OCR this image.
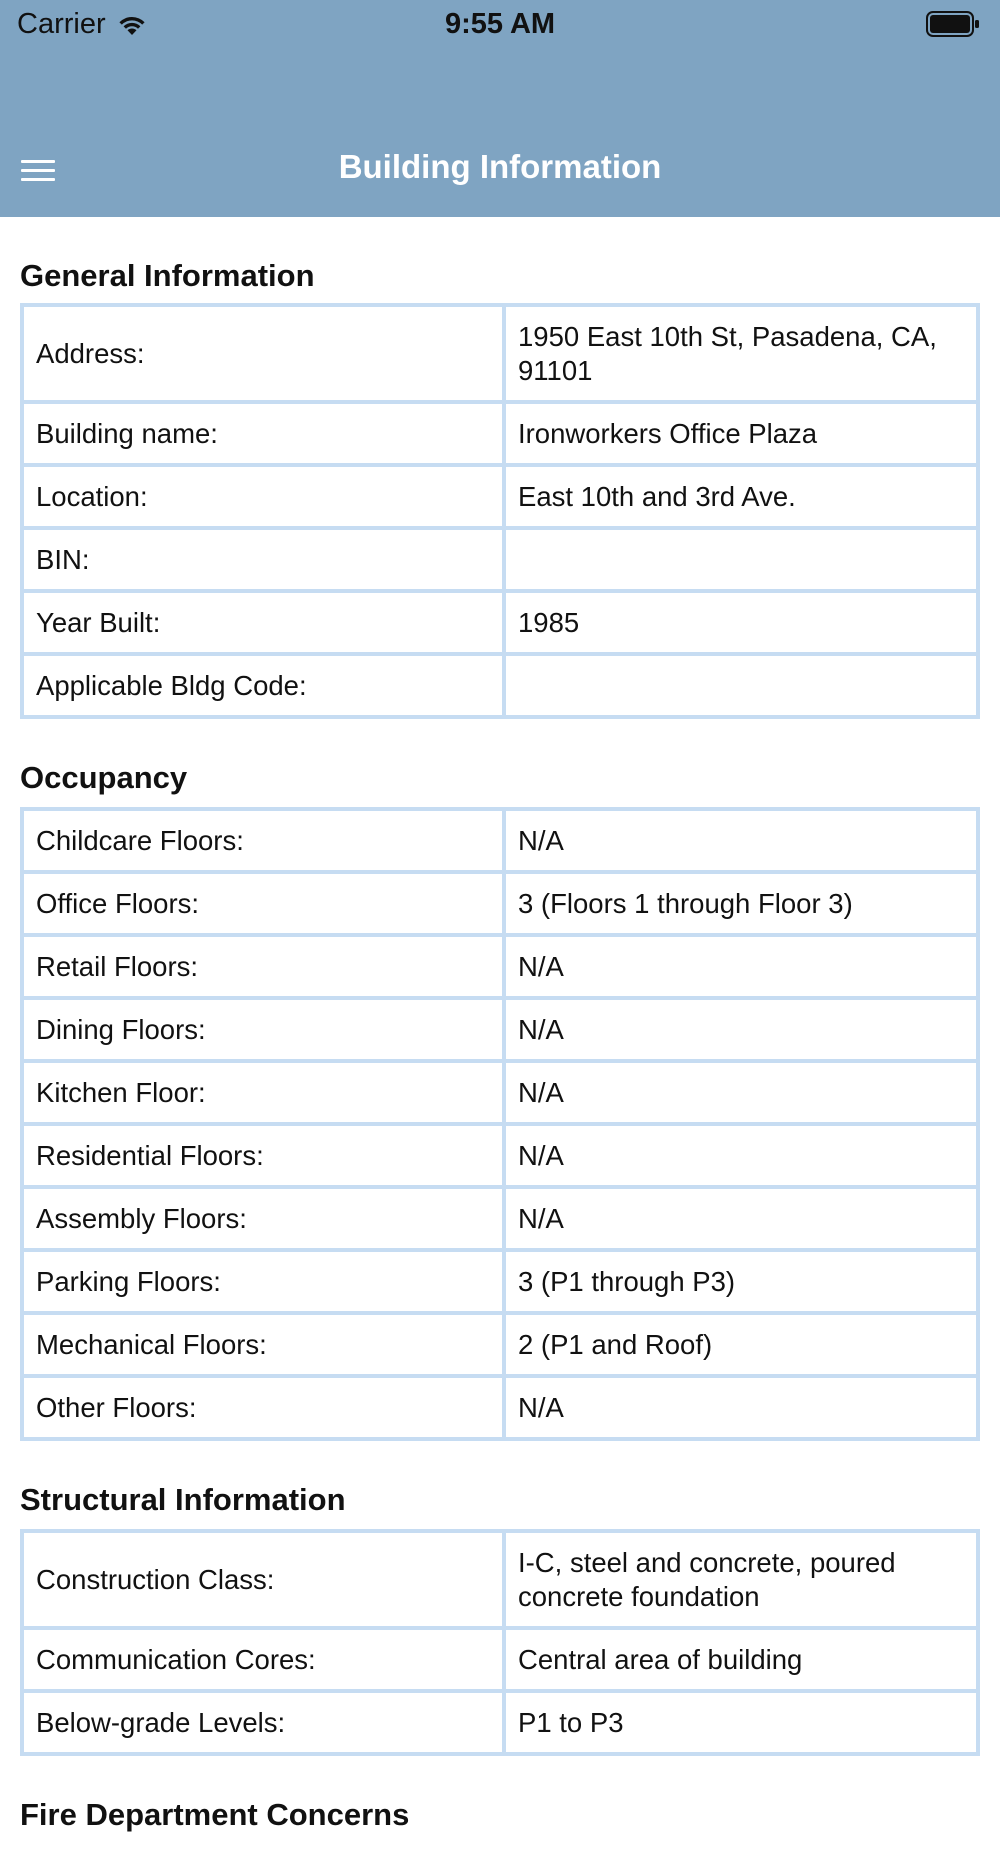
Carrier	9:55 AM
Building Information
General Information
Address:	1950 East 10th St, Pasadena, CA, 91101
Building name:	Ironworkers Office Plaza
Location:	East 10th and 3rd Ave.
BIN:	
Year Built:	1985
Applicable Bldg Code:	
Occupancy
Childcare Floors:	N/A
Office Floors:	3 (Floors 1 through Floor 3)
Retail Floors:	N/A
Dining Floors:	N/A
Kitchen Floor:	N/A
Residential Floors:	N/A
Assembly Floors:	N/A
Parking Floors:	3 (P1 through P3)
Mechanical Floors:	2 (P1 and Roof)
Other Floors:	N/A
Structural Information
Construction Class:	I-C, steel and concrete, poured concrete foundation
Communication Cores:	Central area of building
Below-grade Levels:	P1 to P3
Fire Department Concerns
